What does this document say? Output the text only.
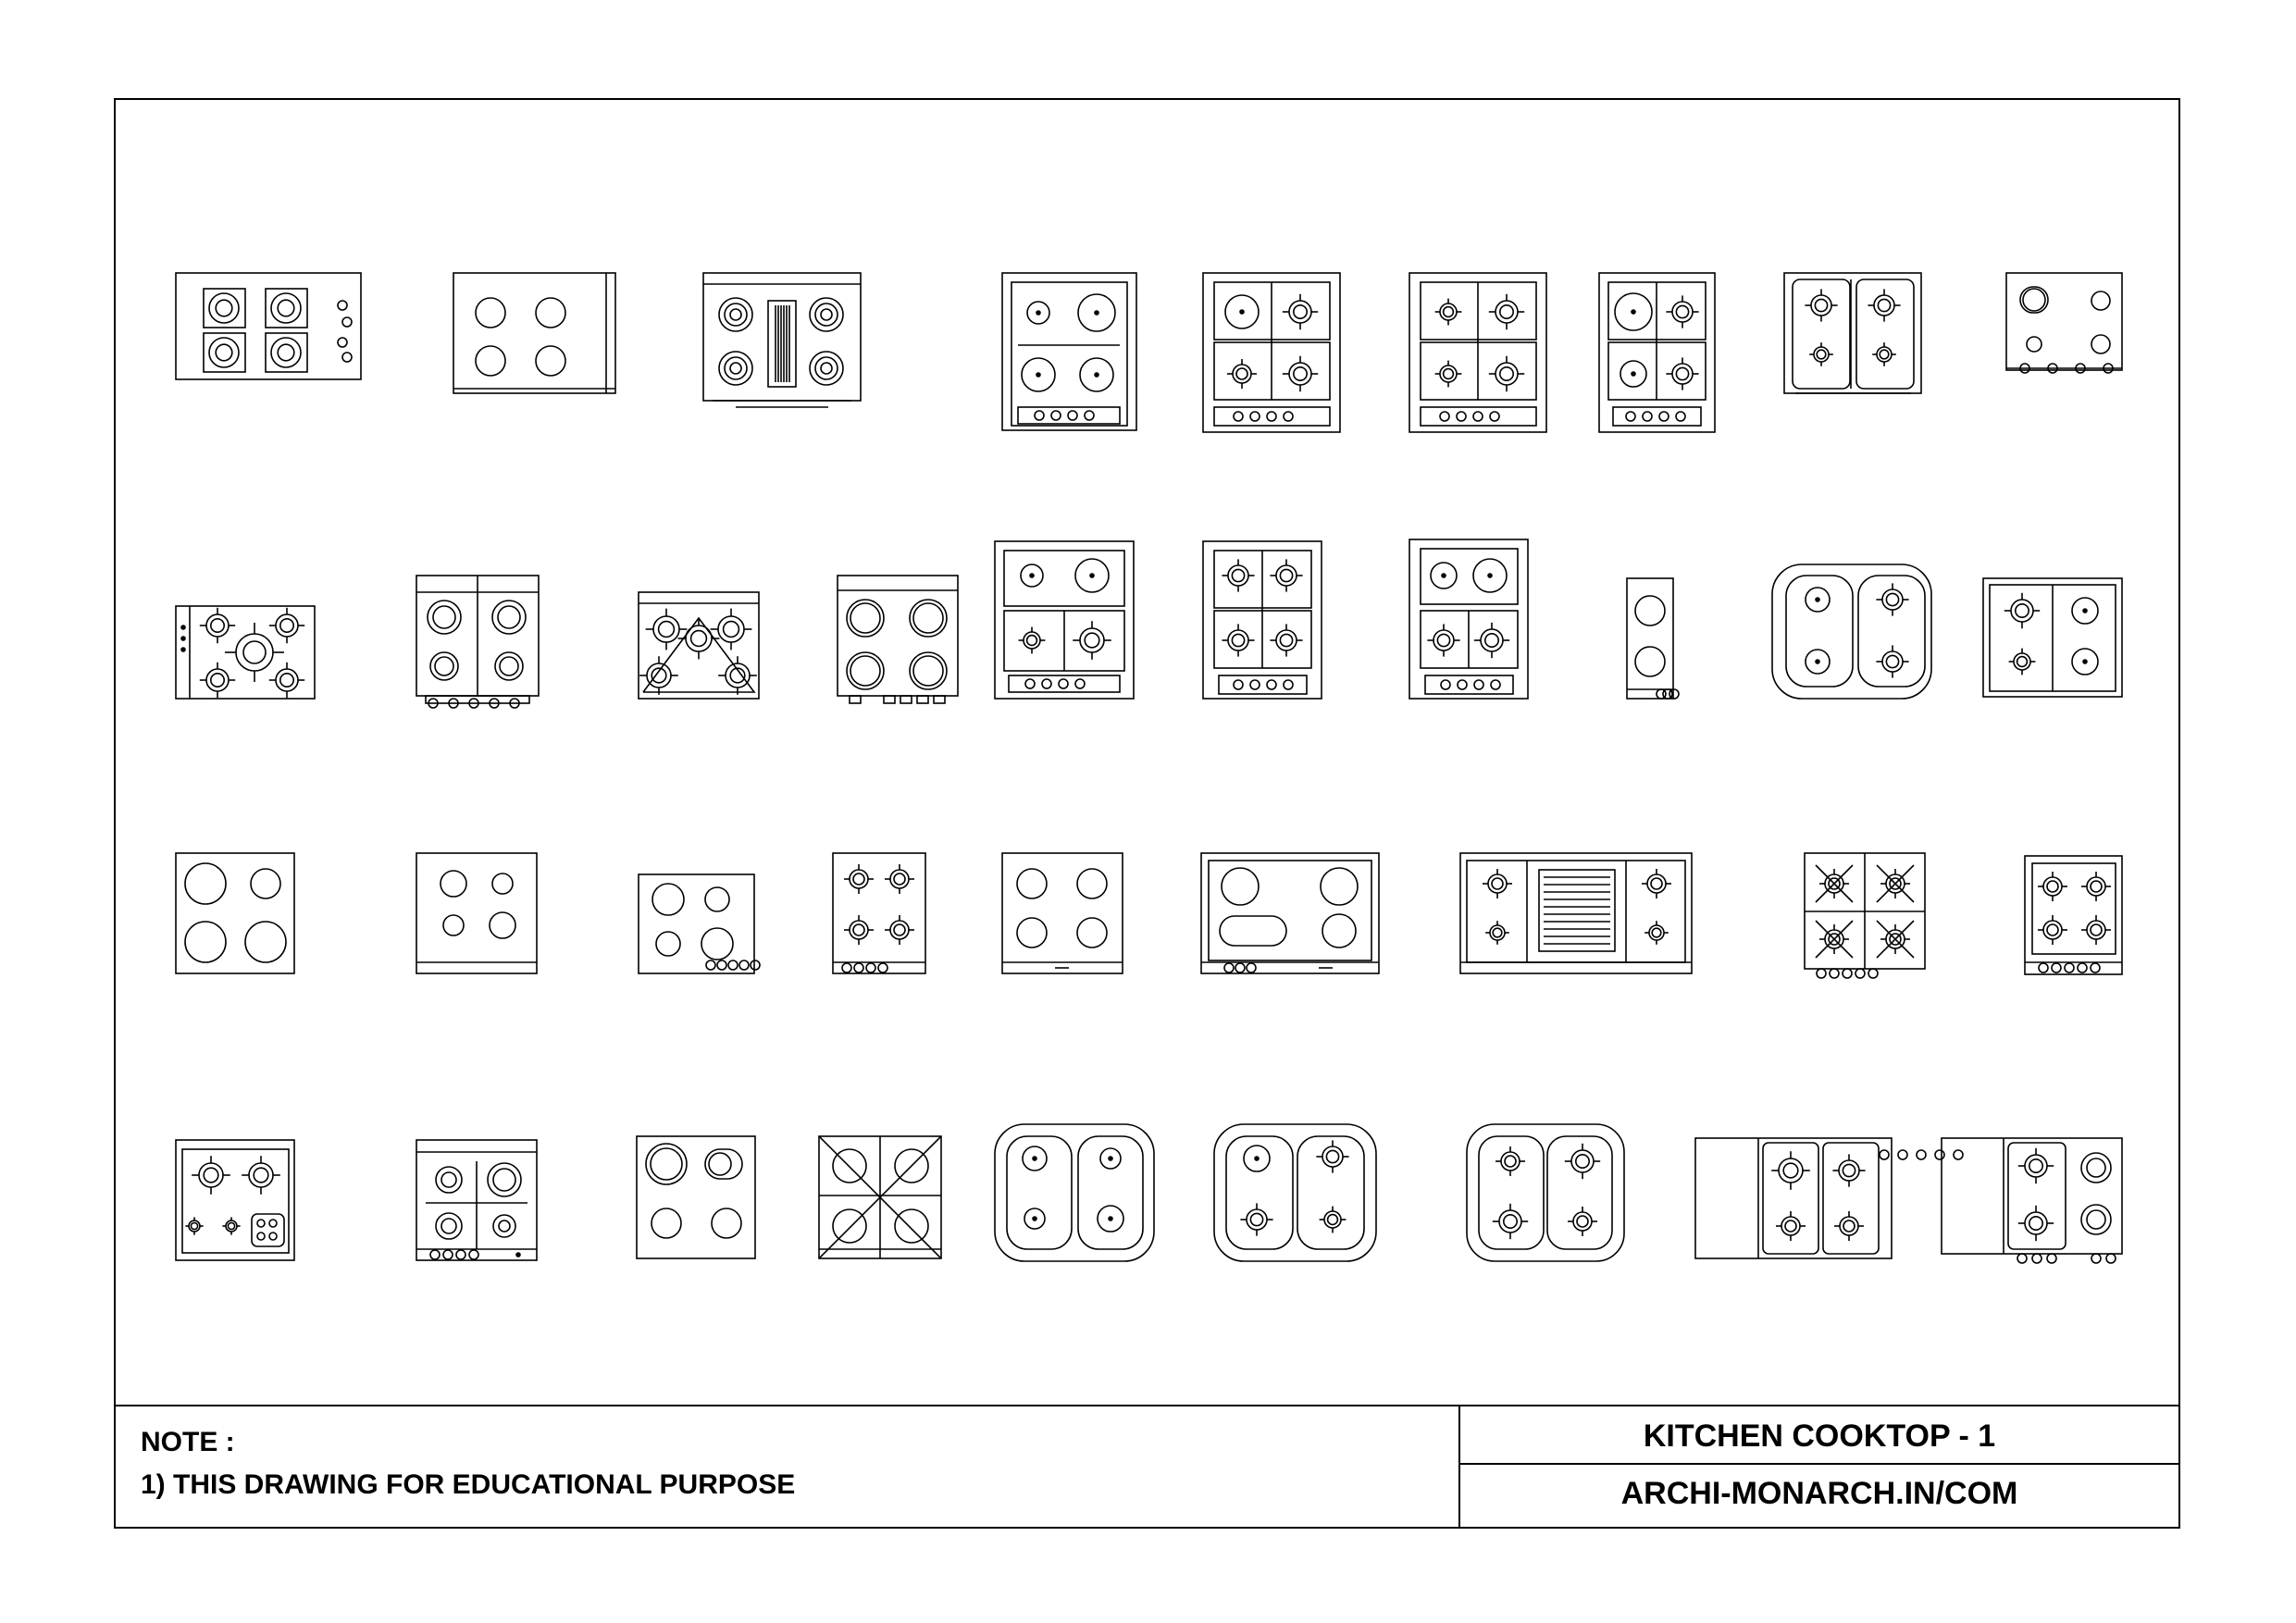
NOTE :
1) THIS DRAWING FOR EDUCATIONAL PURPOSE
KITCHEN COOKTOP - 1
ARCHI-MONARCH.IN/COM
